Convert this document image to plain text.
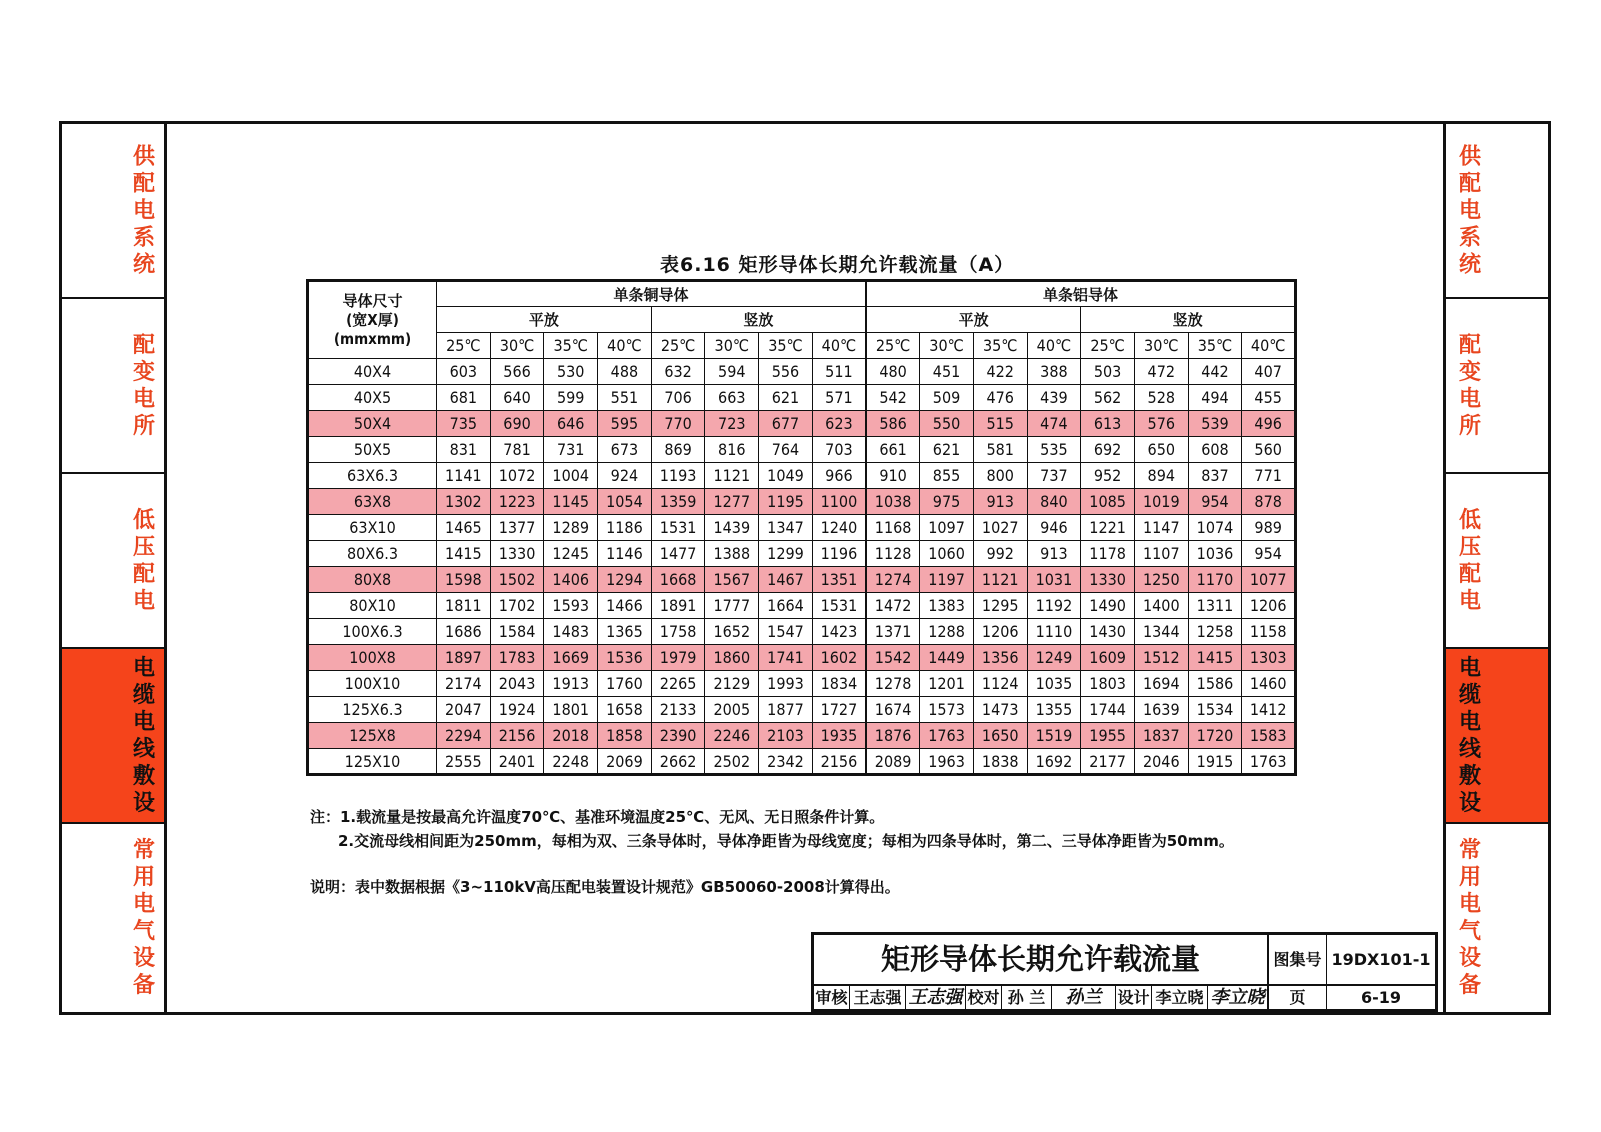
供配电系统
配变电所
低压配电
电缆电线敷设
常用电气设备
供配电系统
配变电所
低压配电
电缆电线敷设
常用电气设备
表6.16 矩形导体长期允许载流量（A）
导体尺寸
(宽X厚)
(mmxmm)	单条铜导体								单条铝导体							
	平放				竖放				平放				竖放			
	25℃	30℃	35℃	40℃	25℃	30℃	35℃	40℃	25℃	30℃	35℃	40℃	25℃	30℃	35℃	40℃
40X4	603	566	530	488	632	594	556	511	480	451	422	388	503	472	442	407
40X5	681	640	599	551	706	663	621	571	542	509	476	439	562	528	494	455
50X4	735	690	646	595	770	723	677	623	586	550	515	474	613	576	539	496
50X5	831	781	731	673	869	816	764	703	661	621	581	535	692	650	608	560
63X6.3	1141	1072	1004	924	1193	1121	1049	966	910	855	800	737	952	894	837	771
63X8	1302	1223	1145	1054	1359	1277	1195	1100	1038	975	913	840	1085	1019	954	878
63X10	1465	1377	1289	1186	1531	1439	1347	1240	1168	1097	1027	946	1221	1147	1074	989
80X6.3	1415	1330	1245	1146	1477	1388	1299	1196	1128	1060	992	913	1178	1107	1036	954
80X8	1598	1502	1406	1294	1668	1567	1467	1351	1274	1197	1121	1031	1330	1250	1170	1077
80X10	1811	1702	1593	1466	1891	1777	1664	1531	1472	1383	1295	1192	1490	1400	1311	1206
100X6.3	1686	1584	1483	1365	1758	1652	1547	1423	1371	1288	1206	1110	1430	1344	1258	1158
100X8	1897	1783	1669	1536	1979	1860	1741	1602	1542	1449	1356	1249	1609	1512	1415	1303
100X10	2174	2043	1913	1760	2265	2129	1993	1834	1278	1201	1124	1035	1803	1694	1586	1460
125X6.3	2047	1924	1801	1658	2133	2005	1877	1727	1674	1573	1473	1355	1744	1639	1534	1412
125X8	2294	2156	2018	1858	2390	2246	2103	1935	1876	1763	1650	1519	1955	1837	1720	1583
125X10	2555	2401	2248	2069	2662	2502	2342	2156	2089	1963	1838	1692	2177	2046	1915	1763
注：1.载流量是按最高允许温度70℃、基准环境温度25℃、无风、无日照条件计算。
2.交流母线相间距为250mm，每相为双、三条导体时，导体净距皆为母线宽度；每相为四条导体时，第二、三导体净距皆为50mm。
说明：表中数据根据《3~110kV高压配电装置设计规范》GB50060-2008计算得出。
矩形导体长期允许载流量	图集号 19DX101-1
审核 王志强 王志强 校对 孙 兰	孙兰 设计 李立晓 李立晓	页	6-19
